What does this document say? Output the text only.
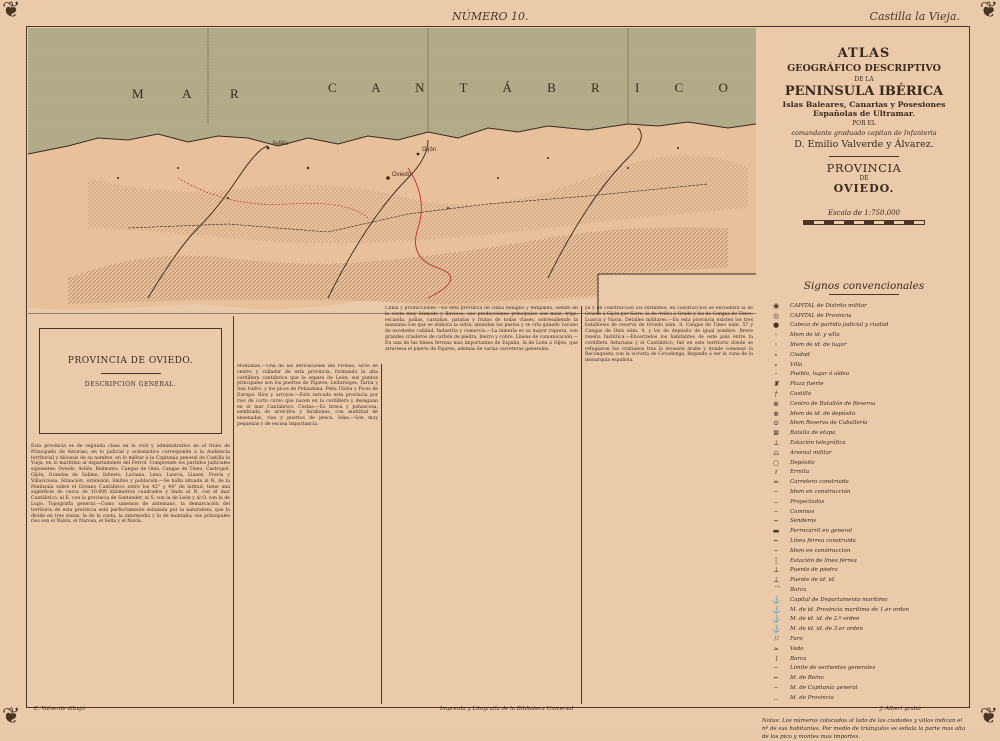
❦	❦
❦	❦
NÚMERO 10.	Castilla la Vieja.
M A R	C A N T Á B R I C O
Oviedo
Gijón
Avilés
ATLAS
GEOGRÁFICO DESCRIPTIVO
DE LA
PENINSULA IBÉRICA
Islas Baleares, Canarias y Posesiones Españolas de Ultramar.
POR EL
comandante graduado capitan de Infanteria
D. Emilio Valverde y Álvarez.
PROVINCIA
DE
OVIEDO.
Escala de 1:750.000
Signos convencionales
◉	CAPITAL de Distrito militar
◎	CAPITAL de Provincia
●	Cabeza de partido judicial y ciudad
◦	Idem de id. y villa
◦	Idem de id. de lugar
∘	Ciudad
∘	Villa
·	Pueblo, lugar ó aldea
♜	Plaza fuerte
†	Castillo
⊕	Centro de Batallón de Reserva
⊗	Idem de id. de depósito
⊙	Idem Reserva de Caballería
⊠	Batalla de etapa
⊥	Estación telegráfica
⌂	Arsenal militar
○	Depósito
ı	Ermita
═	Carretera construida
┄	Idem en construcción
‒	Proyectadas
┈	Caminos
┉	Senderos
▬	Ferrocarril en general
┅	Línea férrea construida
╌	Idem en construcción
┆	Estación de línea férrea
⊥	Puente de piedra
⊥	Puente de id. id.
⌒	Barca
⚓	Capital de Departamento marítimo
⚓	M. de id. Provincia marítima de 1.er orden
⚓	M. de id. id. de 2.º orden
⚓	M. de id. id. de 3.er orden
⚐	Faro
≈	Vado
⌇	Barca
┄	Límite de vertientes generales
┅	Id. de Reino
┈	Id. de Capitanía general
‥	Id. de Provincia
Notas: Los números colocados al lado de las ciudades y villas indican el nº de sus habitantes. Por medio de triángulos se señala la parte mas alta de los pico y montes mas importes.
PROVINCIA DE OVIEDO.
DESCRIPCION GENERAL.
Esta provincia es de segunda clase en lo civil y administrativo en el titulo de Principado de Asturias; en lo judicial y eclesiástico corresponde á la Audiencia territorial y diócesis de su nombre, en lo militar á la Capitanía general de Castilla la Vieja, en lo marítimo al departamento del Ferrol. Comprende los partidos judiciales siguientes: Oviedo, Avilés, Belmonte, Cangas de Onís, Cangas de Tineo, Castropol, Gijón, Grandas de Salime, Infiesto, Laviana, Lena, Luarca, Llanes, Pravia y Villaviciosa. Situación, extensión, límites y población.—Se halla situada al N. de la Península sobre el Océano Cantábrico entre los 42° y 44° de latitud; tiene una superficie de cerca de 10.600 kilómetros cuadrados y linda al N. con el mar Cantábrico, al E. con la provincia de Santander, al S. con la de León y al O. con la de Lugo. Topografía general.—Como sabemos de antemano, la demarcación del territorio de esta provincia está perfectamente señalada por la naturaleza, que la divide en tres zonas: la de la costa, la intermedia y la de montaña; sus principales rios son el Nalón, el Narcea, el Sella y el Navia.
Montañas.—Una de las derivaciones del Pirineo, sirve de centro y valladar de esta provincia, formando la alta cordillera cantábrica que la separa de León; sus puntos principales son los puertos de Pajares, Leitariegos, Tarna y San Isidro, y los picos de Peñaubina, Peña Ubiña y Picos de Europa. Ríos y arroyos.—Está surcada esta provincia por ríos de corto curso que nacen en la cordillera y desaguan en el mar Cantábrico. Costas.—Es brava y peñascosa, sembrada de arrecifes y farallones, con multitud de ensenadas, rías y puertos de pesca. Islas.—Son muy pequeñas y de escasa importancia.
Clima y producciones.—Es esta provincia de clima benigno y templado, siendo en la costa muy húmedo y lluvioso; sus producciones principales son maiz, trigo, escanda, judías, castañas, patatas y frutas de todas clases, sobresaliendo la manzana con que se elabora la sidra; abundan los pastos y se cría ganado vacuno de excelente calidad. Industria y comercio.—La minería es su mayor riqueza, con grandes criaderos de carbón de piedra, hierro y cobre. Líneas de comunicación.—En una de las líneas férreas más importantes de España, la de León á Gijón, que atraviesa el puerto de Pajares, además de varias carreteras generales.
ya y en construcción los restantes; en construcción se encuentra la de Oviedo á Gijón por Siero, la de Avilés á Grado y las de Cangas de Tineo, Luarca y Navia. Detalles militares.—En esta provincia existen los tres batallones de reserva de Oviedo núm. 8, Cangas de Tineo núm. 57 y Cangas de Onís núm. 9, y los de depósito de igual nombre. Breve reseña histórica.—Encerrados los habitantes de este país entre la cordillera Asturiana y el Cantábrico, fué en este territorio donde se refugiaron los cristianos tras la invasión árabe y donde comenzó la Reconquista con la victoria de Covadonga, llegando á ser la cuna de la monarquía española.
E. Valverde dibujó	Imprenta y Litografía de la Biblioteca Universal	J. Albert grabó
